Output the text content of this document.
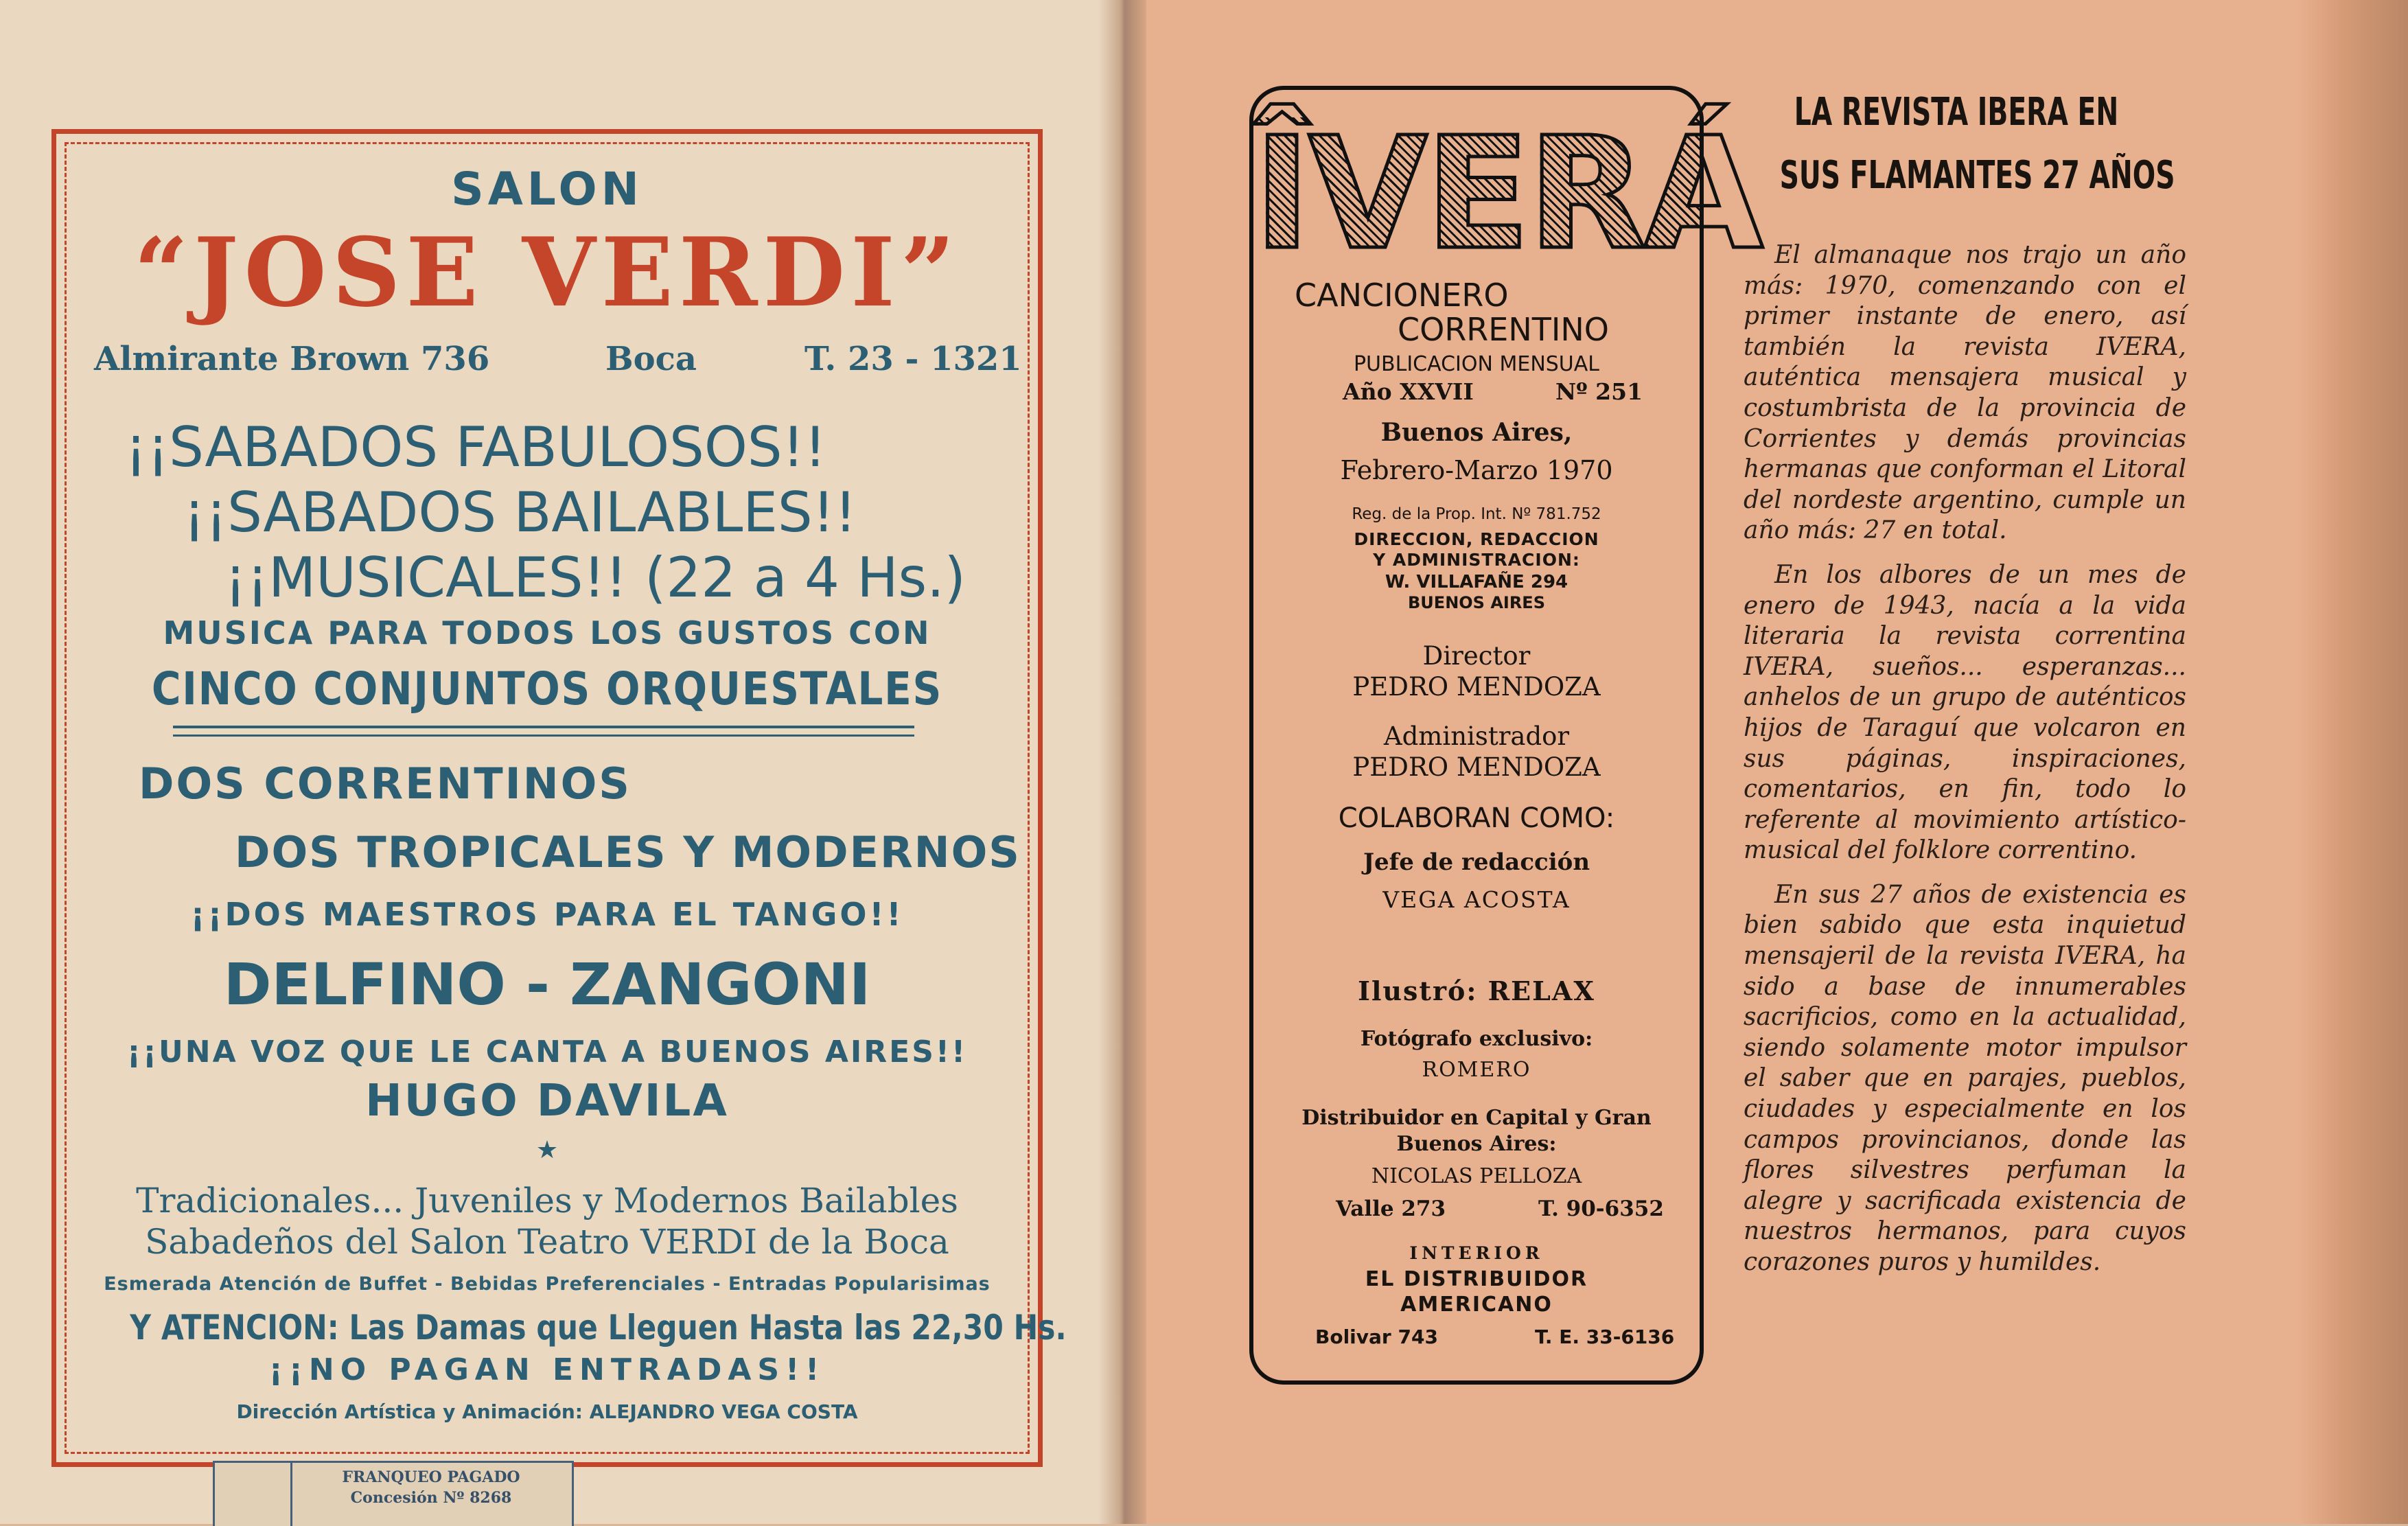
SALON
“JOSE VERDI”
Almirante Brown 736	Boca	T. 23 - 1321
¡¡SABADOS FABULOSOS!!
¡¡SABADOS BAILABLES!!
¡¡MUSICALES!! (22 a 4 Hs.)
MUSICA PARA TODOS LOS GUSTOS CON
CINCO CONJUNTOS ORQUESTALES
DOS CORRENTINOS
DOS TROPICALES Y MODERNOS
¡¡DOS MAESTROS PARA EL TANGO!!
DELFINO - ZANGONI
¡¡UNA VOZ QUE LE CANTA A BUENOS AIRES!!
HUGO DAVILA
★
Tradicionales... Juveniles y Modernos Bailables
Sabadeños del Salon Teatro VERDI de la Boca
Esmerada Atención de Buffet - Bebidas Preferenciales - Entradas Popularisimas
Y ATENCION: Las Damas que Lleguen Hasta las 22,30 Hs.
¡¡NO PAGAN ENTRADAS!!
Dirección Artística y Animación: ALEJANDRO VEGA COSTA
FRANQUEO PAGADO
Concesión Nº 8268
ÎVERÁ
CANCIONERO
CORRENTINO
PUBLICACION MENSUAL
Año XXVII	Nº 251
Buenos Aires,
Febrero-Marzo 1970
Reg. de la Prop. Int. Nº 781.752
DIRECCION, REDACCION
Y ADMINISTRACION:
W. VILLAFAÑE 294
BUENOS AIRES
Director
PEDRO MENDOZA
Administrador
PEDRO MENDOZA
COLABORAN COMO:
Jefe de redacción
VEGA ACOSTA
Ilustró: RELAX
Fotógrafo exclusivo:
ROMERO
Distribuidor en Capital y Gran
Buenos Aires:
NICOLAS PELLOZA
Valle 273	T. 90-6352
INTERIOR
EL DISTRIBUIDOR
AMERICANO
Bolivar 743	T. E. 33-6136
LA REVISTA IBERA EN
SUS FLAMANTES 27 AÑOS

El almanaque nos trajo un año más: 1970, comenzando con el primer instante de enero, así también la revista IVERA, auténtica mensajera musical y costumbrista de la provincia de Corrientes y demás provincias hermanas que conforman el Litoral del nordeste argentino, cumple un año más: 27 en total.

En los albores de un mes de enero de 1943, nacía a la vida literaria la revista correntina IVERA, sueños... esperanzas... anhelos de un grupo de auténticos hijos de Taraguí que volcaron en sus páginas, inspiraciones, comentarios, en fin, todo lo referente al movimiento artístico-musical del folklore correntino.

En sus 27 años de existencia es bien sabido que esta inquietud mensajeril de la revista IVERA, ha sido a base de innumerables sacrificios, como en la actualidad, siendo solamente motor impulsor el saber que en parajes, pueblos, ciudades y especialmente en los campos provincianos, donde las flores silvestres perfuman la alegre y sacrificada existencia de nuestros hermanos, para cuyos corazones puros y humildes.
